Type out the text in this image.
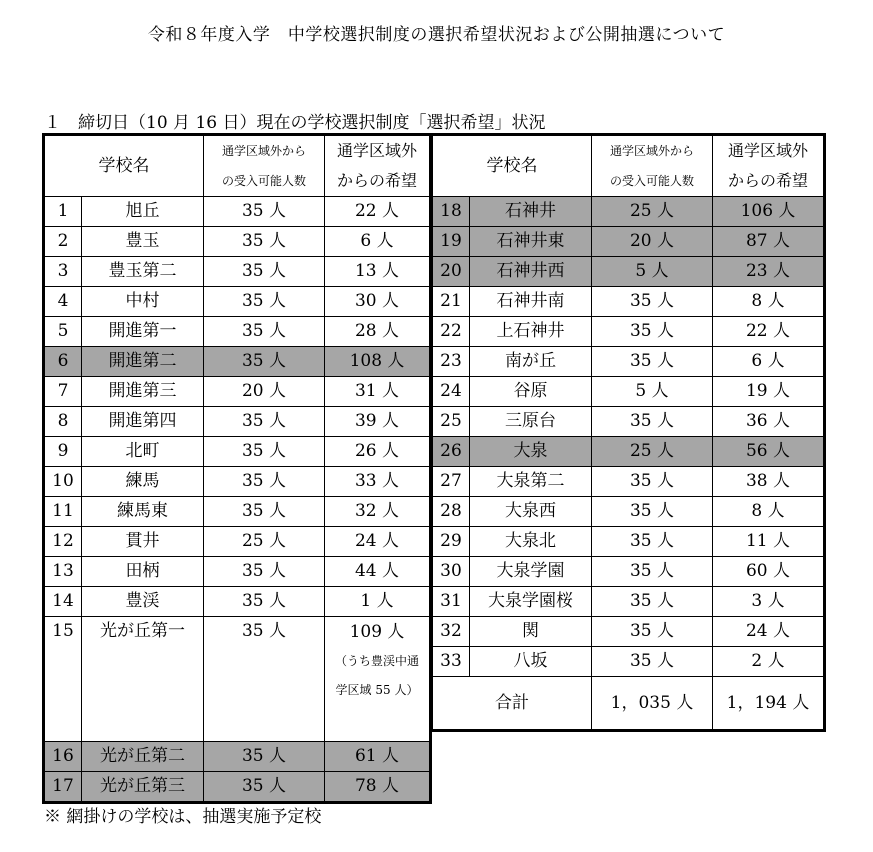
令和８年度入学　中学校選択制度の選択希望状況および公開抽選について
１　締切日（10 月 16 日）現在の学校選択制度「選択希望」状況
学校名		通学区域外から
の受入可能人数	通学区域外
からの希望

1	旭丘	35 人	22 人
2	豊玉	35 人	6 人
3	豊玉第二	35 人	13 人
4	中村	35 人	30 人
5	開進第一	35 人	28 人
6	開進第二	35 人	108 人
7	開進第三	20 人	31 人
8	開進第四	35 人	39 人
9	北町	35 人	26 人
10	練馬	35 人	33 人
11	練馬東	35 人	32 人
12	貫井	25 人	24 人
13	田柄	35 人	44 人
14	豊渓	35 人	1 人
15	光が丘第一	35 人	109 人
（うち豊渓中通
学区域 55 人）

16	光が丘第二	35 人	61 人
17	光が丘第三	35 人	78 人
学校名		通学区域外から
の受入可能人数	通学区域外
からの希望

18	石神井	25 人	106 人
19	石神井東	20 人	87 人
20	石神井西	5 人	23 人
21	石神井南	35 人	8 人
22	上石神井	35 人	22 人
23	南が丘	35 人	6 人
24	谷原	5 人	19 人
25	三原台	35 人	36 人
26	大泉	25 人	56 人
27	大泉第二	35 人	38 人
28	大泉西	35 人	8 人
29	大泉北	35 人	11 人
30	大泉学園	35 人	60 人
31	大泉学園桜	35 人	3 人
32	関	35 人	24 人
33	八坂	35 人	2 人
合計		1，035 人	1，194 人
※ 網掛けの学校は、抽選実施予定校
